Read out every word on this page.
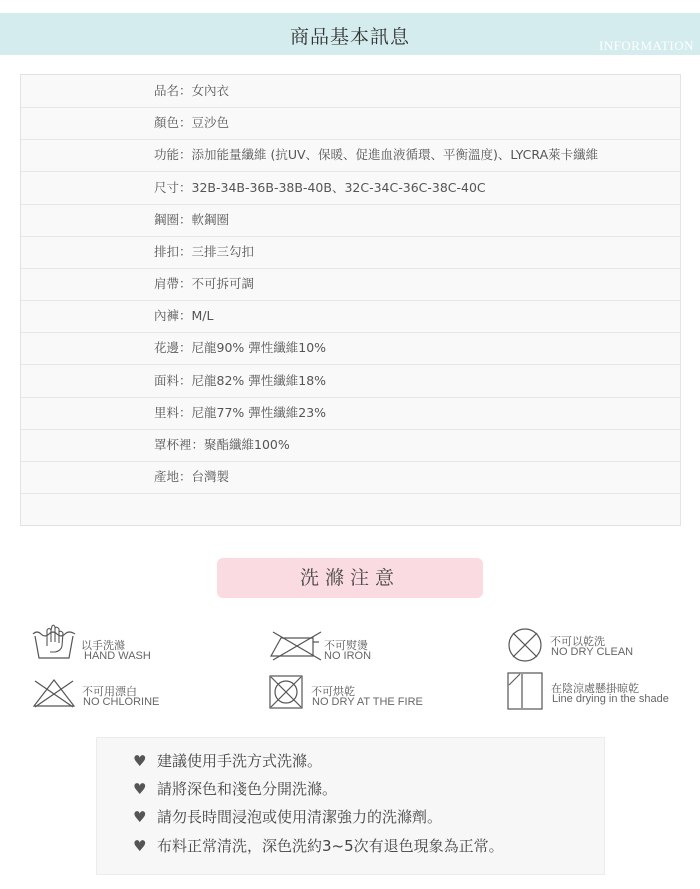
商品基本訊息	INFORMATION
品名：女內衣
顏色：豆沙色
功能：添加能量纖維 (抗UV、保暖、促進血液循環、平衡溫度)、LYCRA萊卡纖維
尺寸：32B-34B-36B-38B-40B、32C-34C-36C-38C-40C
鋼圈：軟鋼圈
排扣：三排三勾扣
肩帶：不可拆可調
內褲：M/L
花邊：尼龍90% 彈性纖維10%
面料：尼龍82% 彈性纖維18%
里料：尼龍77% 彈性纖維23%
罩杯裡：聚酯纖維100%
產地：台灣製
洗滌注意
以手洗滌
HAND WASH
不可熨燙
NO IRON
不可以乾洗
NO DRY CLEAN
不可用漂白
NO CHLORINE
不可烘乾
NO DRY AT THE FIRE
在陰涼處懸掛晾乾
Line drying in the shade
♥ 建議使用手洗方式洗滌。
♥ 請將深色和淺色分開洗滌。
♥ 請勿長時間浸泡或使用清潔強力的洗滌劑。
♥ 布料正常清洗，深色洗約3~5次有退色現象為正常。
